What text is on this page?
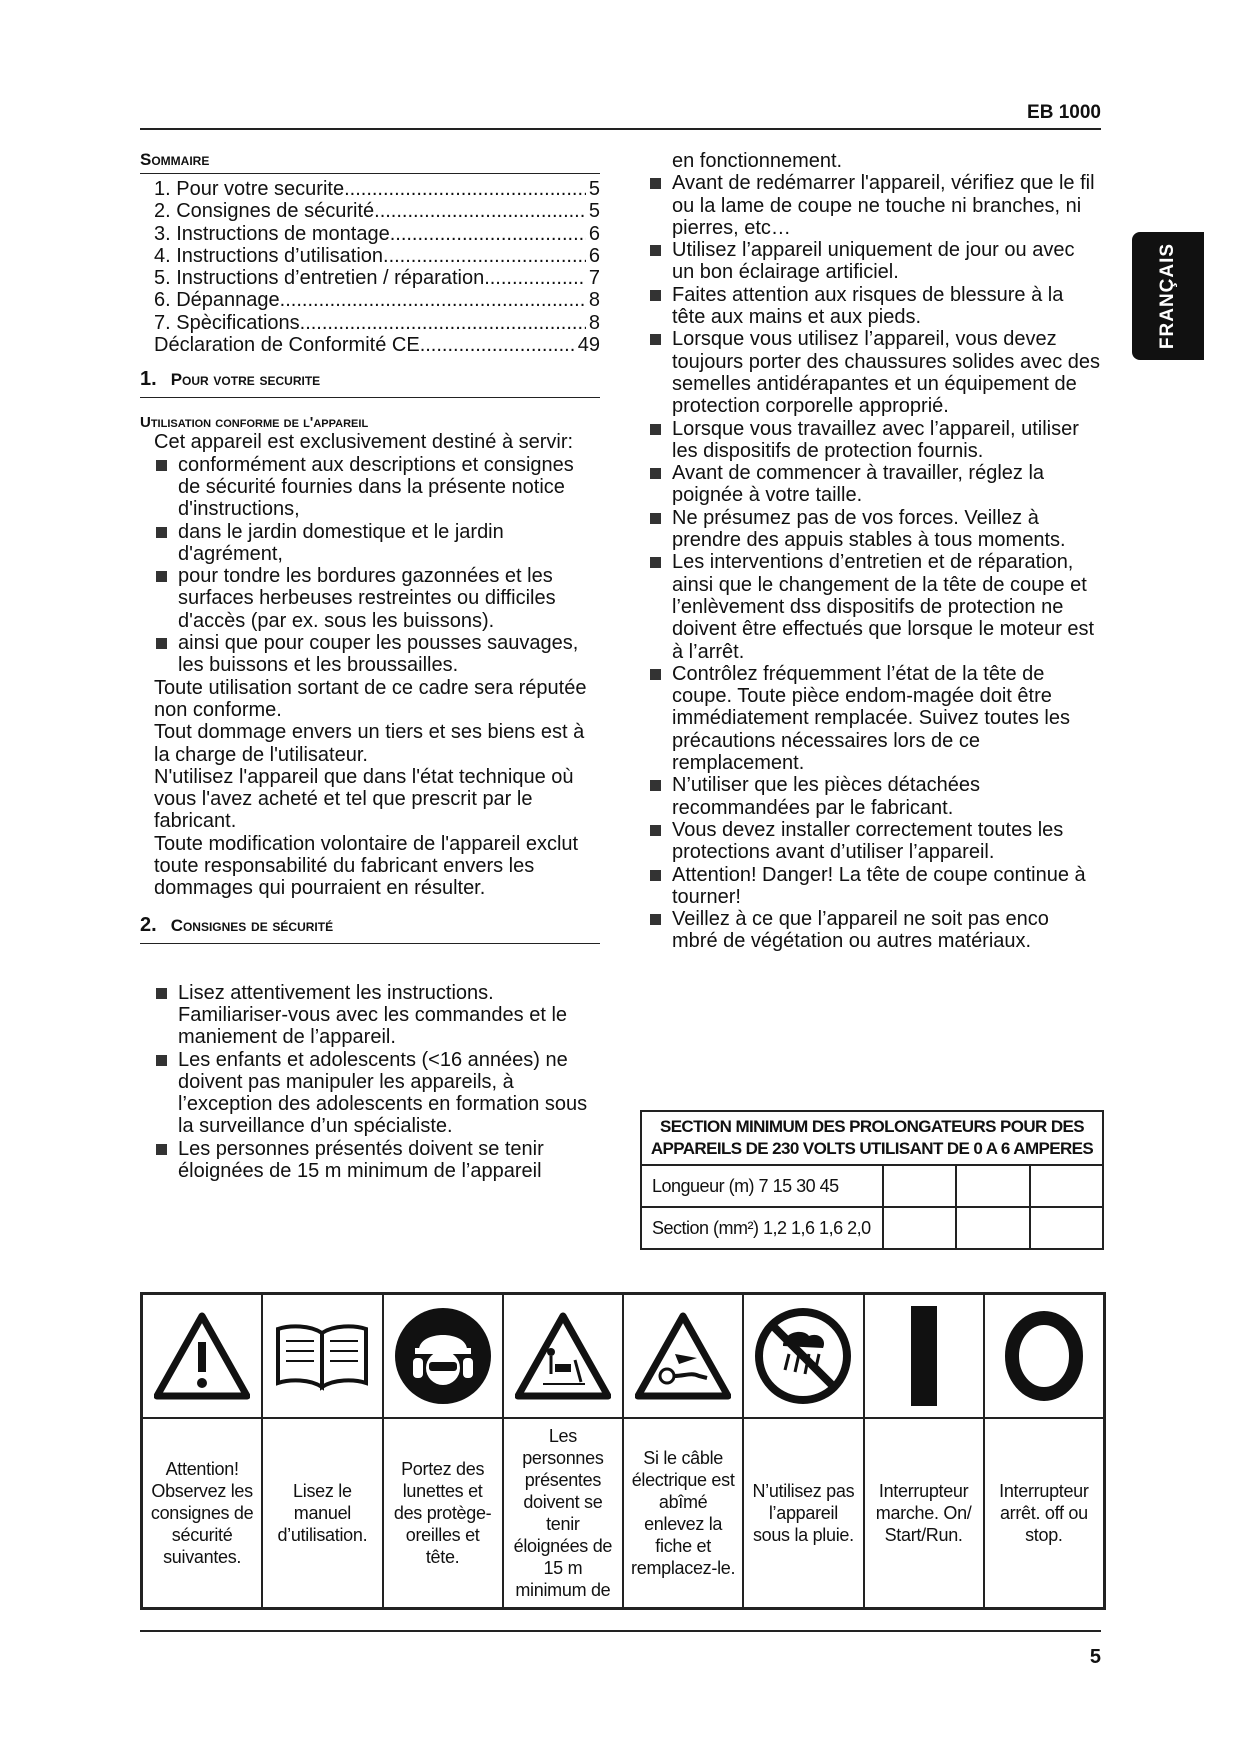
EB 1000
FRANÇAIS
Sommaire
1. Pour votre securite .....	5
2. Consignes de sécurité .....	5
3. Instructions de montage .....	6
4. Instructions d’utilisation .....	6
5. Instructions d’entretien / réparation .....	7
6. Dépannage .....	8
7. Spècifications .....	8
Déclaration de Conformité CE .....	49
1. Pour votre securite
Utilisation conforme de l'appareil

Cet appareil est exclusivement destiné à servir:

conformément aux descriptions et consignes de sécurité fournies dans la présente notice d'instructions,
dans le jardin domestique et le jardin d'agrément,
pour tondre les bordures gazonnées et les surfaces herbeuses restreintes ou difficiles d'accès (par ex. sous les buissons).
ainsi que pour couper les pousses sauvages, les buissons et les broussailles.

Toute utilisation sortant de ce cadre sera réputée non conforme.

Tout dommage envers un tiers et ses biens est à la charge de l'utilisateur.

N'utilisez l'appareil que dans l'état technique où vous l'avez acheté et tel que prescrit par le fabricant.

Toute modification volontaire de l'appareil exclut toute responsabilité du fabricant envers les dommages qui pourraient en résulter.

2. Consignes de sécurité
Lisez attentivement les instructions. Familiariser-vous avec les commandes et le maniement de l’appareil.
Les enfants et adolescents (<16 années) ne doivent pas manipuler les appareils, à l’exception des adolescents en formation sous la surveillance d’un spécialiste.
Les personnes présentés doivent se tenir éloignées de 15 m minimum de l’appareil
en fonctionnement.
Avant de redémarrer l'appareil, vérifiez que le fil ou la lame de coupe ne touche ni branches, ni pierres, etc…
Utilisez l’appareil uniquement de jour ou avec un bon éclairage artificiel.
Faites attention aux risques de blessure à la tête aux mains et aux pieds.
Lorsque vous utilisez l’appareil, vous devez toujours porter des chaussures solides avec des semelles antidérapantes et un équipement de protection corporelle approprié.
Lorsque vous travaillez avec l’appareil, utiliser les dispositifs de protection fournis.
Avant de commencer à travailler, réglez la poignée à votre taille.
Ne présumez pas de vos forces. Veillez à prendre des appuis stables à tous moments.
Les interventions d’entretien et de réparation, ainsi que le changement de la tête de coupe et l’enlèvement dss dispositifs de protection ne doivent être effectués que lorsque le moteur est à l’arrêt.
Contrôlez fréquemment l’état de la tête de coupe. Toute pièce endom-magée doit être immédiatement remplacée. Suivez toutes les précautions nécessaires lors de ce remplacement.
N’utiliser que les pièces détachées recommandées par le fabricant.
Vous devez installer correctement toutes les protections avant d’utiliser l’appareil.
Attention! Danger! La tête de coupe continue à tourner!
Veillez à ce que l’appareil ne soit pas enco mbré de végétation ou autres matériaux.
SECTION MINIMUM DES PROLONGATEURS POUR DES APPAREILS DE 230 VOLTS UTILISANT DE 0 A 6 AMPERES
Longueur (m) 7 15 30 45
Section (mm²) 1,2 1,6 1,6 2,0
Attention! Observez les consignes de sécurité suivantes.
Lisez le manuel d’utilisation.
Portez des lunettes et des protège-oreilles et tête.
Les personnes présentes doivent se tenir éloignées de 15 m minimum de
Si le câble électrique est abîmé enlevez la fiche et remplacez-le.
N’utilisez pas l’appareil sous la pluie.
Interrupteur marche. On/ Start/Run.
Interrupteur arrêt. off ou stop.
5
